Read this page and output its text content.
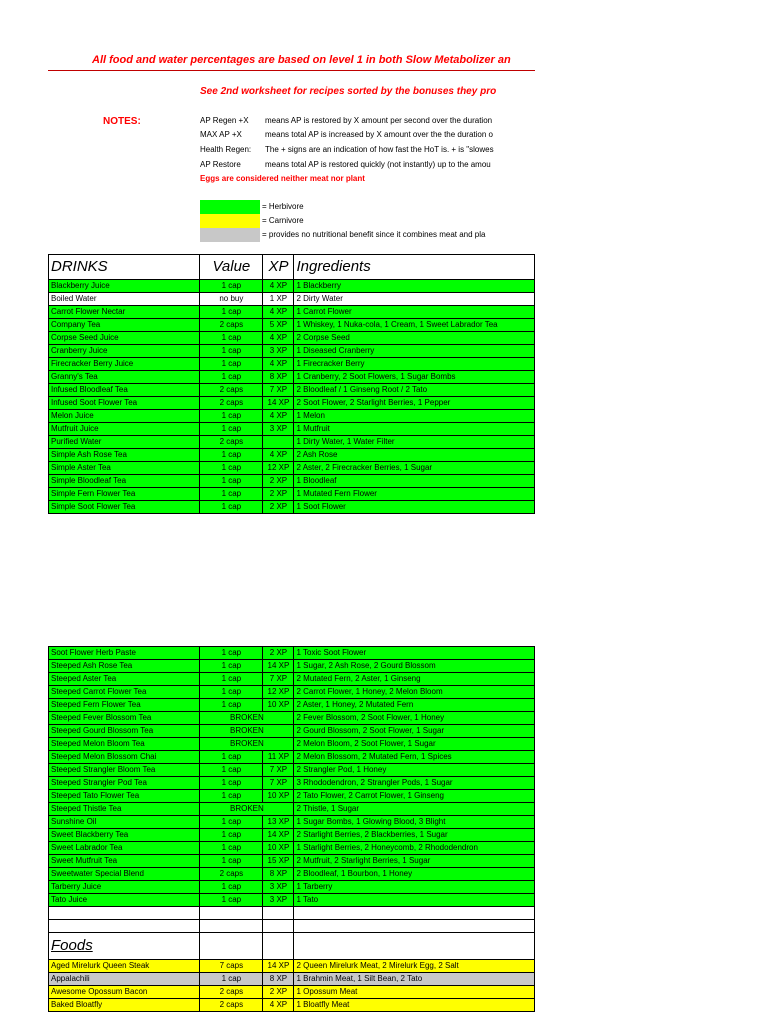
All food and water percentages are based on level 1 in both Slow Metabolizer an
See 2nd worksheet for recipes sorted by the bonuses they pro
NOTES:	AP Regen +X means AP is restored by X amount per second over the duration
MAX AP +X	means total AP is increased by X amount over the the duration o
Health Regen: The + signs are an indication of how fast the HoT is. + is "slowes
AP Restore	means total AP is restored quickly (not instantly) up to the amou
Eggs are considered neither meat nor plant
= Herbivore
= Carnivore
= provides no nutritional benefit since it combines meat and pla
DRINKS	Value	XP	Ingredients
Blackberry Juice	1 cap	4 XP	1 Blackberry
Boiled Water	no buy	1 XP	2 Dirty Water
Carrot Flower Nectar	1 cap	4 XP	1 Carrot Flower
Company Tea	2 caps	5 XP	1 Whiskey, 1 Nuka-cola, 1 Cream, 1 Sweet Labrador Tea
Corpse Seed Juice	1 cap	4 XP	2 Corpse Seed
Cranberry Juice	1 cap	3 XP	1 Diseased Cranberry
Firecracker Berry Juice	1 cap	4 XP	1 Firecracker Berry
Granny's Tea	1 cap	8 XP	1 Cranberry, 2 Soot Flowers, 1 Sugar Bombs
Infused Bloodleaf Tea	2 caps	7 XP	2 Bloodleaf / 1 Ginseng Root / 2 Tato
Infused Soot Flower Tea	2 caps	14 XP	2 Soot Flower, 2 Starlight Berries, 1 Pepper
Melon Juice	1 cap	4 XP	1 Melon
Mutfruit Juice	1 cap	3 XP	1 Mutfruit
Purified Water	2 caps		1 Dirty Water, 1 Water Filter
Simple Ash Rose Tea	1 cap	4 XP	2 Ash Rose
Simple Aster Tea	1 cap	12 XP	2 Aster, 2 Firecracker Berries, 1 Sugar
Simple Bloodleaf Tea	1 cap	2 XP	1 Bloodleaf
Simple Fern Flower Tea	1 cap	2 XP	1 Mutated Fern Flower
Simple Soot Flower Tea	1 cap	2 XP	1 Soot Flower
Soot Flower Herb Paste	1 cap	2 XP	1 Toxic Soot Flower
Steeped Ash Rose Tea	1 cap	14 XP	1 Sugar, 2 Ash Rose, 2 Gourd Blossom
Steeped Aster Tea	1 cap	7 XP	2 Mutated Fern, 2 Aster, 1 Ginseng
Steeped Carrot Flower Tea	1 cap	12 XP	2 Carrot Flower, 1 Honey, 2 Melon Bloom
Steeped Fern Flower Tea	1 cap	10 XP	2 Aster, 1 Honey, 2 Mutated Fern
Steeped Fever Blossom Tea	BROKEN		2 Fever Blossom, 2 Soot Flower, 1 Honey
Steeped Gourd Blossom Tea	BROKEN		2 Gourd Blossom, 2 Soot Flower, 1 Sugar
Steeped Melon Bloom Tea	BROKEN		2 Melon Bloom, 2 Soot Flower, 1 Sugar
Steeped Melon Blossom Chai	1 cap	11 XP	2 Melon Blossom, 2 Mutated Fern, 1 Spices
Steeped Strangler Bloom Tea	1 cap	7 XP	2 Strangler Pod, 1 Honey
Steeped Strangler Pod Tea	1 cap	7 XP	3 Rhododendron, 2 Strangler Pods, 1 Sugar
Steeped Tato Flower Tea	1 cap	10 XP	2 Tato Flower, 2 Carrot Flower, 1 Ginseng
Steeped Thistle Tea	BROKEN		2 Thistle, 1 Sugar
Sunshine Oil	1 cap	13 XP	1 Sugar Bombs, 1 Glowing Blood, 3 Blight
Sweet Blackberry Tea	1 cap	14 XP	2 Starlight Berries, 2 Blackberries, 1 Sugar
Sweet Labrador Tea	1 cap	10 XP	1 Starlight Berries, 2 Honeycomb, 2 Rhododendron
Sweet Mutfruit Tea	1 cap	15 XP	2 Mutfruit, 2 Starlight Berries, 1 Sugar
Sweetwater Special Blend	2 caps	8 XP	2 Bloodleaf, 1 Bourbon, 1 Honey
Tarberry Juice	1 cap	3 XP	1 Tarberry
Tato Juice	1 cap	3 XP	1 Tato

Foods			
Aged Mirelurk Queen Steak	7 caps	14 XP	2 Queen Mirelurk Meat, 2 Mirelurk Egg, 2 Salt
Appalachili	1 cap	8 XP	1 Brahmin Meat, 1 Silt Bean, 2 Tato
Awesome Opossum Bacon	2 caps	2 XP	1 Opossum Meat
Baked Bloatfly	2 caps	4 XP	1 Bloatfly Meat
